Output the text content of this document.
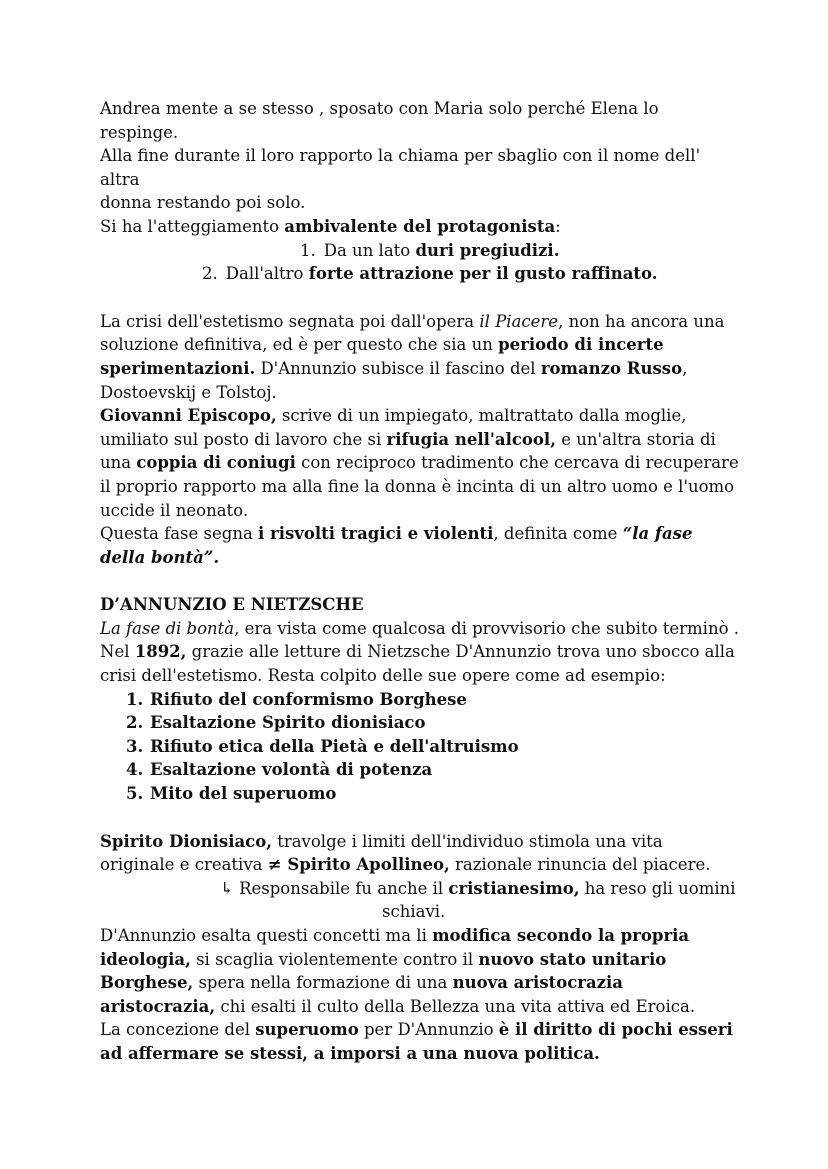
Andrea mente a se stesso , sposato con Maria solo perché Elena lo respinge.
Alla fine durante il loro rapporto la chiama per sbaglio con il nome dell' altra
donna restando poi solo.
Si ha l'atteggiamento ambivalente del protagonista:

1. Da un lato duri pregiudizi.
2. Dall'altro forte attrazione per il gusto raffinato.

La crisi dell'estetismo segnata poi dall'opera il Piacere, non ha ancora una soluzione definitiva, ed è per questo che sia un periodo di incerte sperimentazioni. D'Annunzio subisce il fascino del romanzo Russo, Dostoevskij e Tolstoj.

Giovanni Episcopo, scrive di un impiegato, maltrattato dalla moglie, umiliato sul posto di lavoro che si rifugia nell'alcool, e un'altra storia di una coppia di coniugi con reciproco tradimento che cercava di recuperare il proprio rapporto ma alla fine la donna è incinta di un altro uomo e l'uomo uccide il neonato.

Questa fase segna i risvolti tragici e violenti, definita come “la fase della bontà”.

D’ANNUNZIO E NIETZSCHE

La fase di bontà, era vista come qualcosa di provvisorio che subito terminò .
Nel 1892, grazie alle letture di Nietzsche D'Annunzio trova uno sbocco alla crisi dell'estetismo. Resta colpito delle sue opere come ad esempio:

1. Rifiuto del conformismo Borghese
2. Esaltazione Spirito dionisiaco
3. Rifiuto etica della Pietà e dell'altruismo
4. Esaltazione volontà di potenza
5. Mito del superuomo

Spirito Dionisiaco, travolge i limiti dell'individuo stimola una vita originale e creativa ≠ Spirito Apollineo, razionale rinuncia del piacere.

↳ Responsabile fu anche il cristianesimo, ha reso gli uomini

schiavi.

D'Annunzio esalta questi concetti ma li modifica secondo la propria ideologia, si scaglia violentemente contro il nuovo stato unitario Borghese, spera nella formazione di una nuova aristocrazia aristocrazia, chi esalti il culto della Bellezza una vita attiva ed Eroica.

La concezione del superuomo per D'Annunzio è il diritto di pochi esseri ad affermare se stessi, a imporsi a una nuova politica.
